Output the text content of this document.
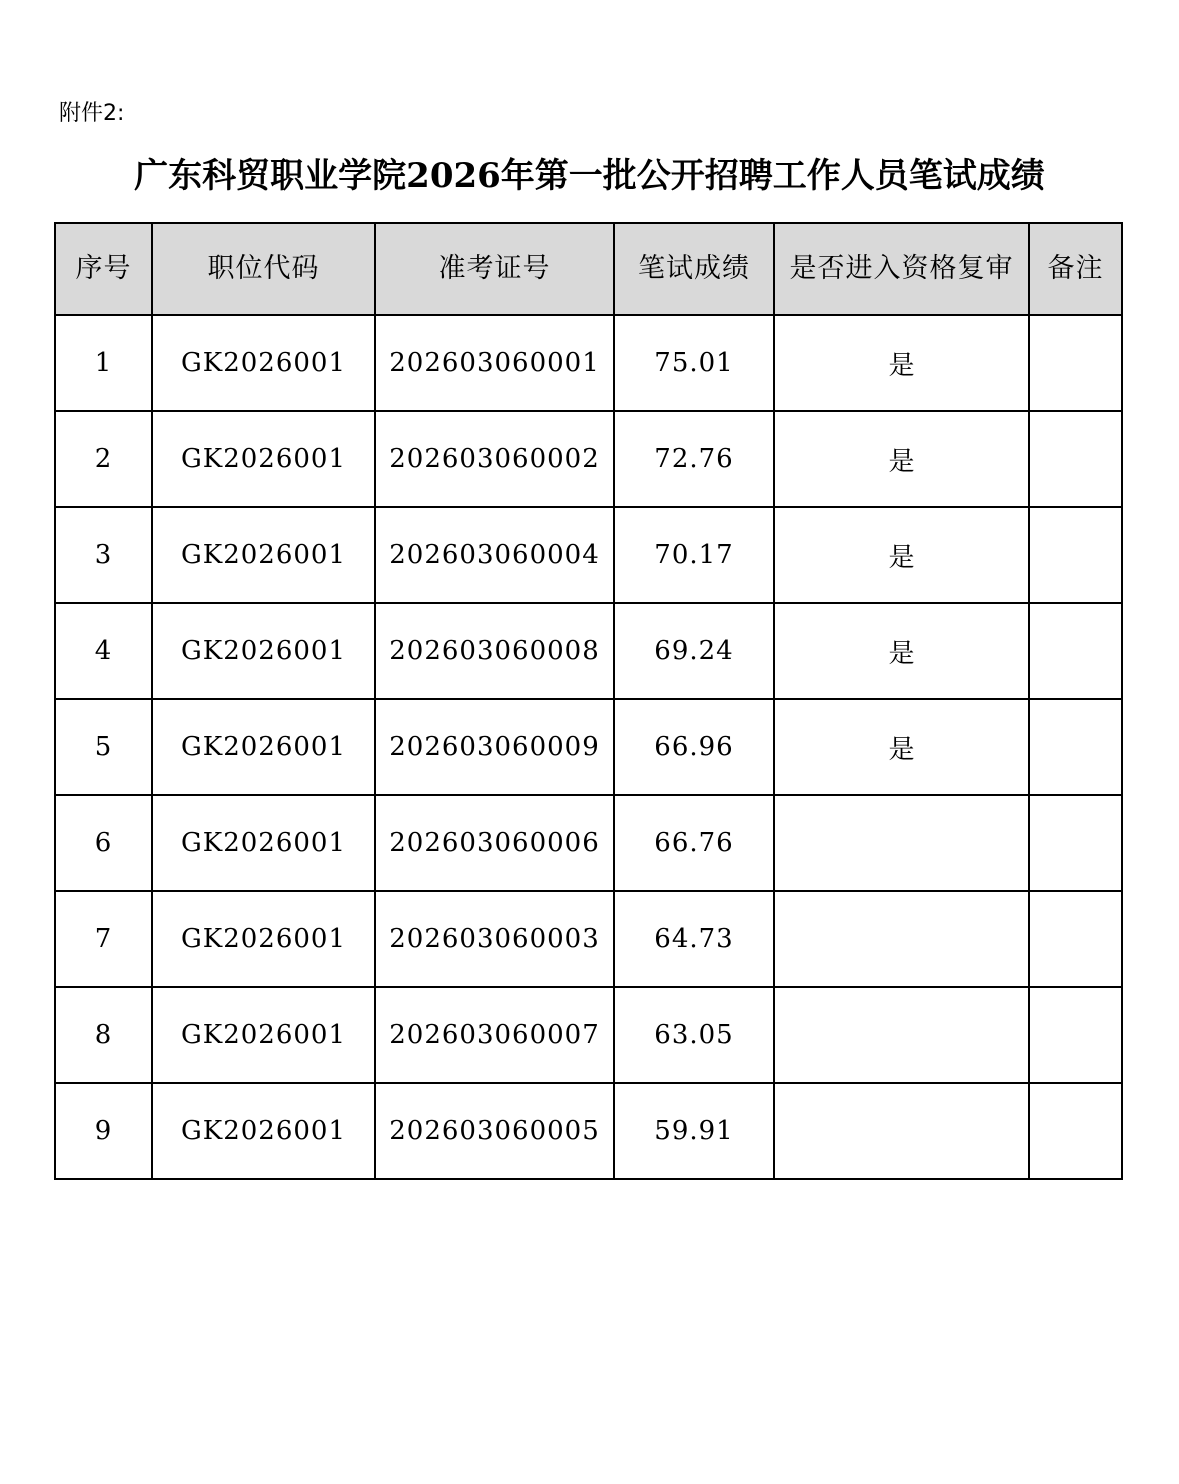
附件2:
广东科贸职业学院2026年第一批公开招聘工作人员笔试成绩
序号	职位代码	准考证号	笔试成绩	是否进入资格复审	备注
1	GK2026001	202603060001	75.01	是	
2	GK2026001	202603060002	72.76	是	
3	GK2026001	202603060004	70.17	是	
4	GK2026001	202603060008	69.24	是	
5	GK2026001	202603060009	66.96	是	
6	GK2026001	202603060006	66.76		
7	GK2026001	202603060003	64.73		
8	GK2026001	202603060007	63.05		
9	GK2026001	202603060005	59.91		
